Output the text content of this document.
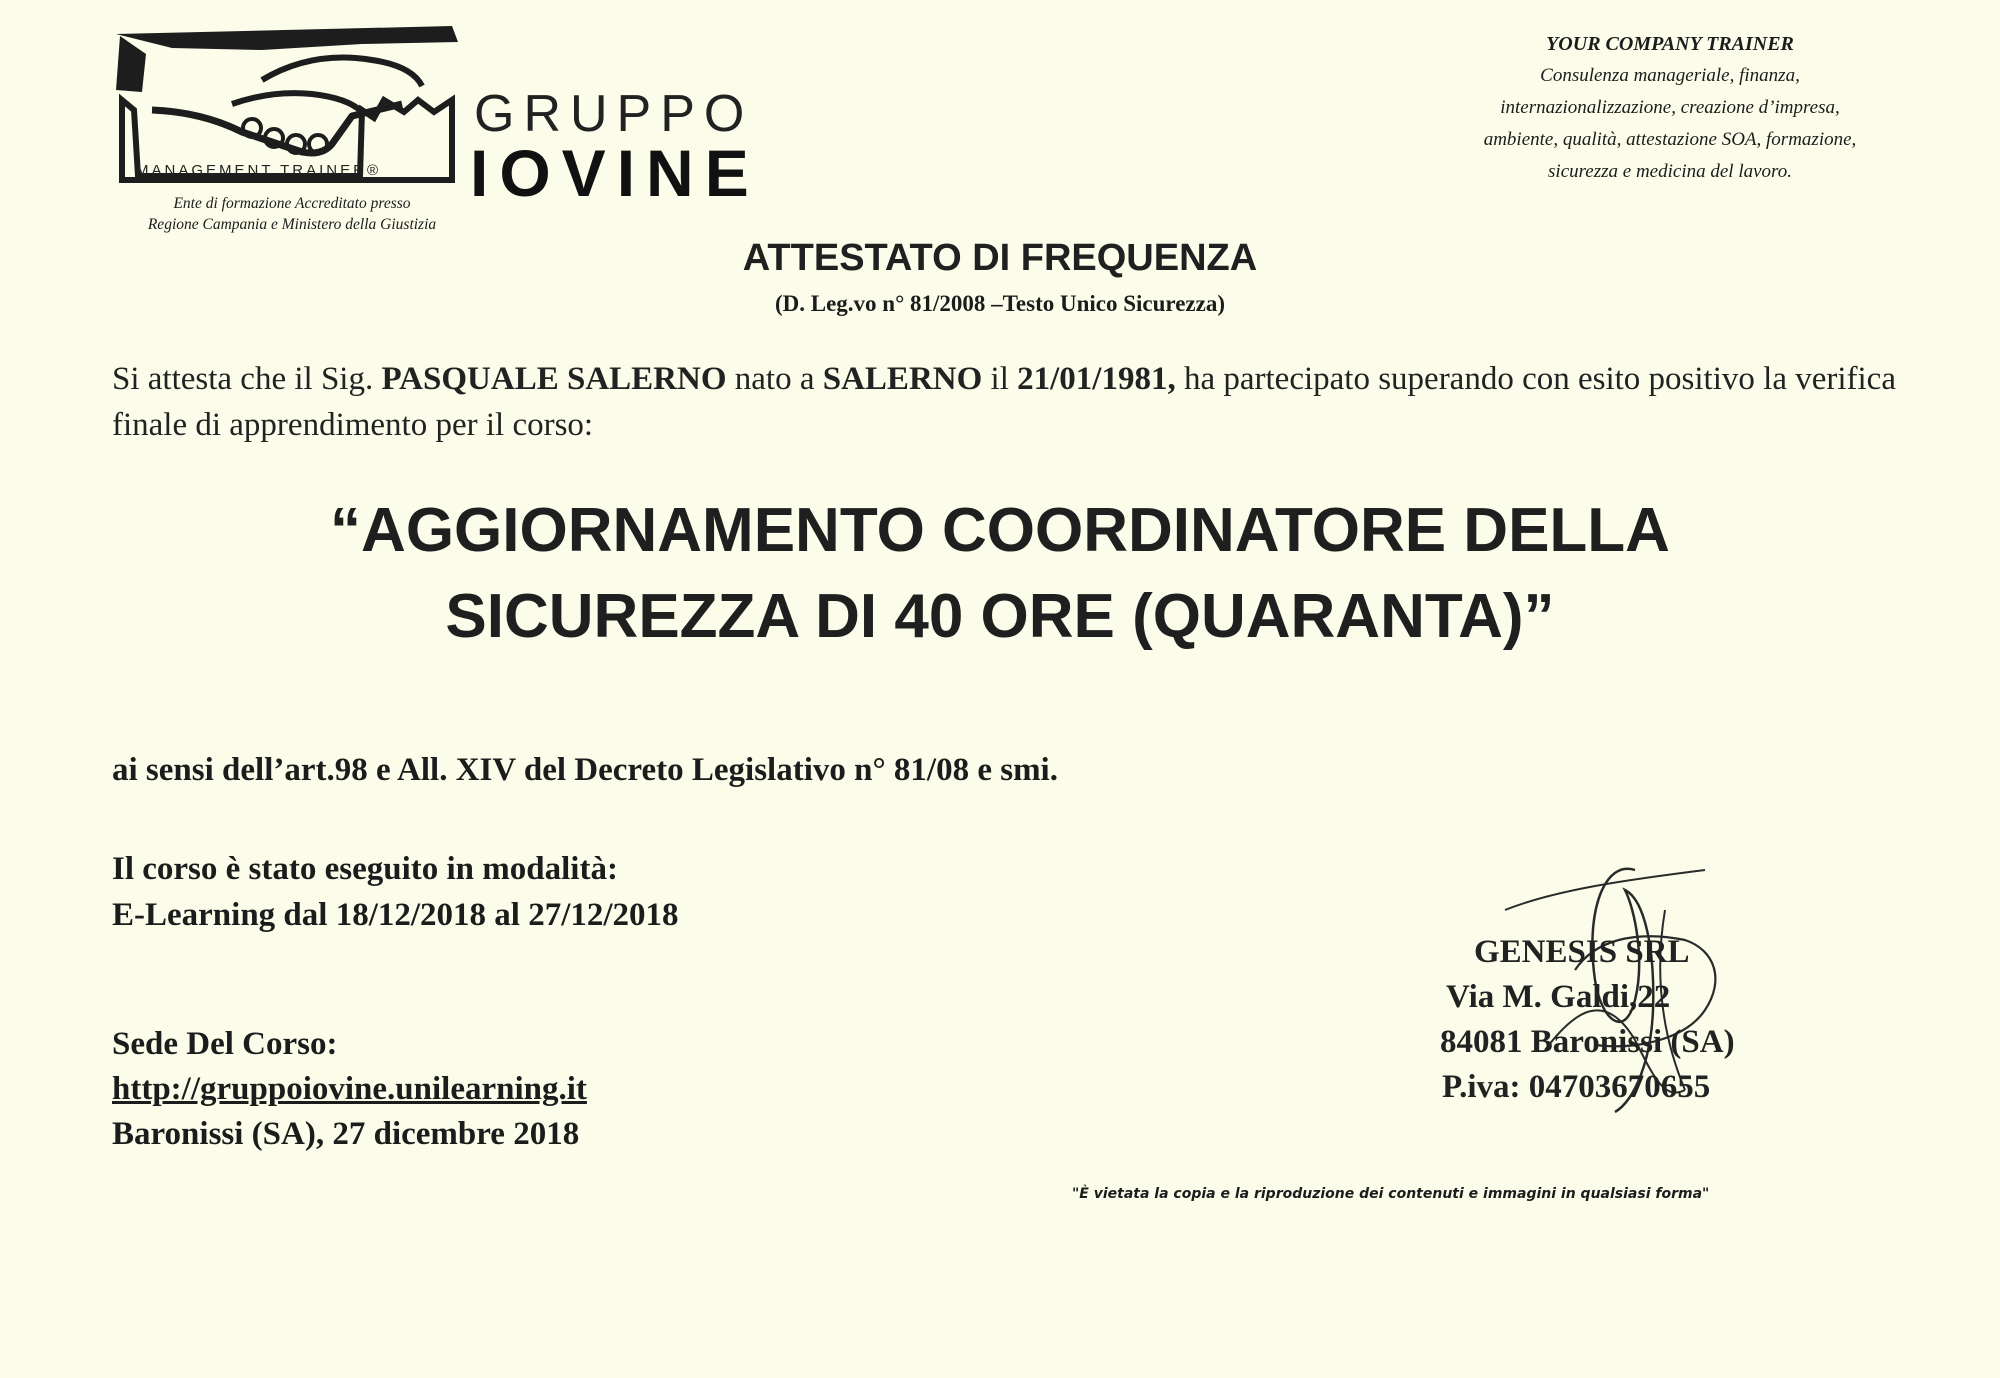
MANAGEMENT TRAINER®
GRUPPO
IOVINE
Ente di formazione Accreditato presso
Regione Campania e Ministero della Giustizia
YOUR COMPANY TRAINER
Consulenza manageriale, finanza,
internazionalizzazione, creazione d’impresa,
ambiente, qualità, attestazione SOA, formazione,
sicurezza e medicina del lavoro.
ATTESTATO DI FREQUENZA
(D. Leg.vo n° 81/2008 –Testo Unico Sicurezza)
Si attesta che il Sig. PASQUALE SALERNO nato a SALERNO il 21/01/1981, ha partecipato superando con esito positivo la verifica finale di apprendimento per il corso:
“AGGIORNAMENTO COORDINATORE DELLA
SICUREZZA DI 40 ORE (QUARANTA)”
ai sensi dell’art.98 e All. XIV del Decreto Legislativo n° 81/08 e smi.
Il corso è stato eseguito in modalità:
E-Learning dal 18/12/2018 al 27/12/2018
Sede Del Corso:
http://gruppoiovine.unilearning.it
Baronissi (SA), 27 dicembre 2018
GENESIS SRL
Via M. Galdi,22
84081 Baronissi (SA)
P.iva: 04703670655
"È vietata la copia e la riproduzione dei contenuti e immagini in qualsiasi forma"
